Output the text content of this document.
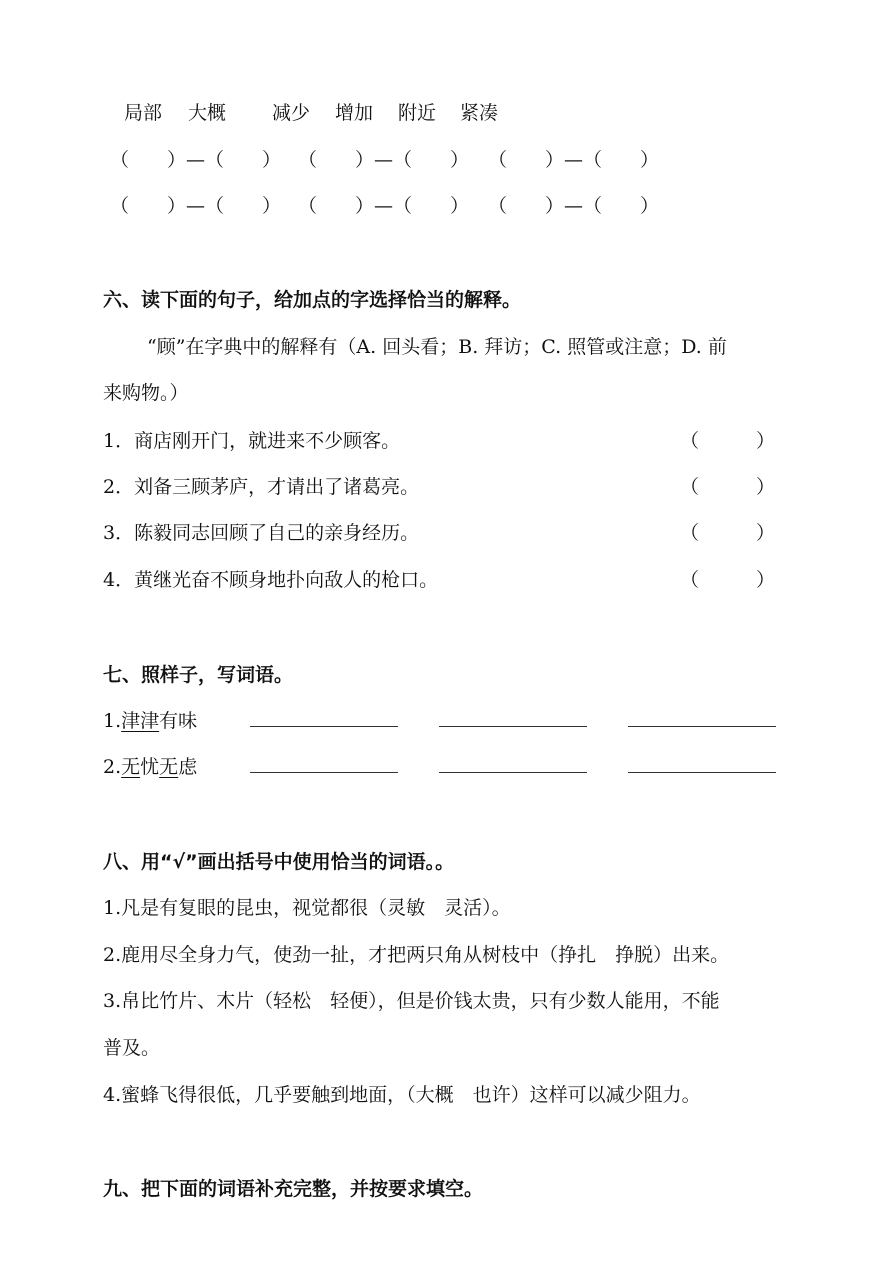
局部 大概 减少 增加 附近 紧凑
（　　）—（　　） （　　）—（　　） （　　）—（　　）
（　　）—（　　） （　　）—（　　） （　　）—（　　）
六、读下面的句子，给加点的字选择恰当的解释。
“顾”在字典中的解释有（A. 回头看；B. 拜访；C. 照管或注意；D. 前
来购物。）
1．商店刚开门，就进来不少顾客。
2．刘备三顾茅庐，才请出了诸葛亮。
3．陈毅同志回顾了自己的亲身经历。
4．黄继光奋不顾身地扑向敌人的枪口。
（　　　）
（　　　）
（　　　）
（　　　）
七、照样子，写词语。
1.津津有味
2.无忧无虑
八、用“√”画出括号中使用恰当的词语。。
1.凡是有复眼的昆虫，视觉都很（灵敏　灵活）。
2.鹿用尽全身力气，使劲一扯，才把两只角从树枝中（挣扎　挣脱）出来。
3.帛比竹片、木片（轻松　轻便），但是价钱太贵，只有少数人能用，不能
普及。
4.蜜蜂飞得很低，几乎要触到地面，（大概　也许）这样可以减少阻力。
九、把下面的词语补充完整，并按要求填空。
